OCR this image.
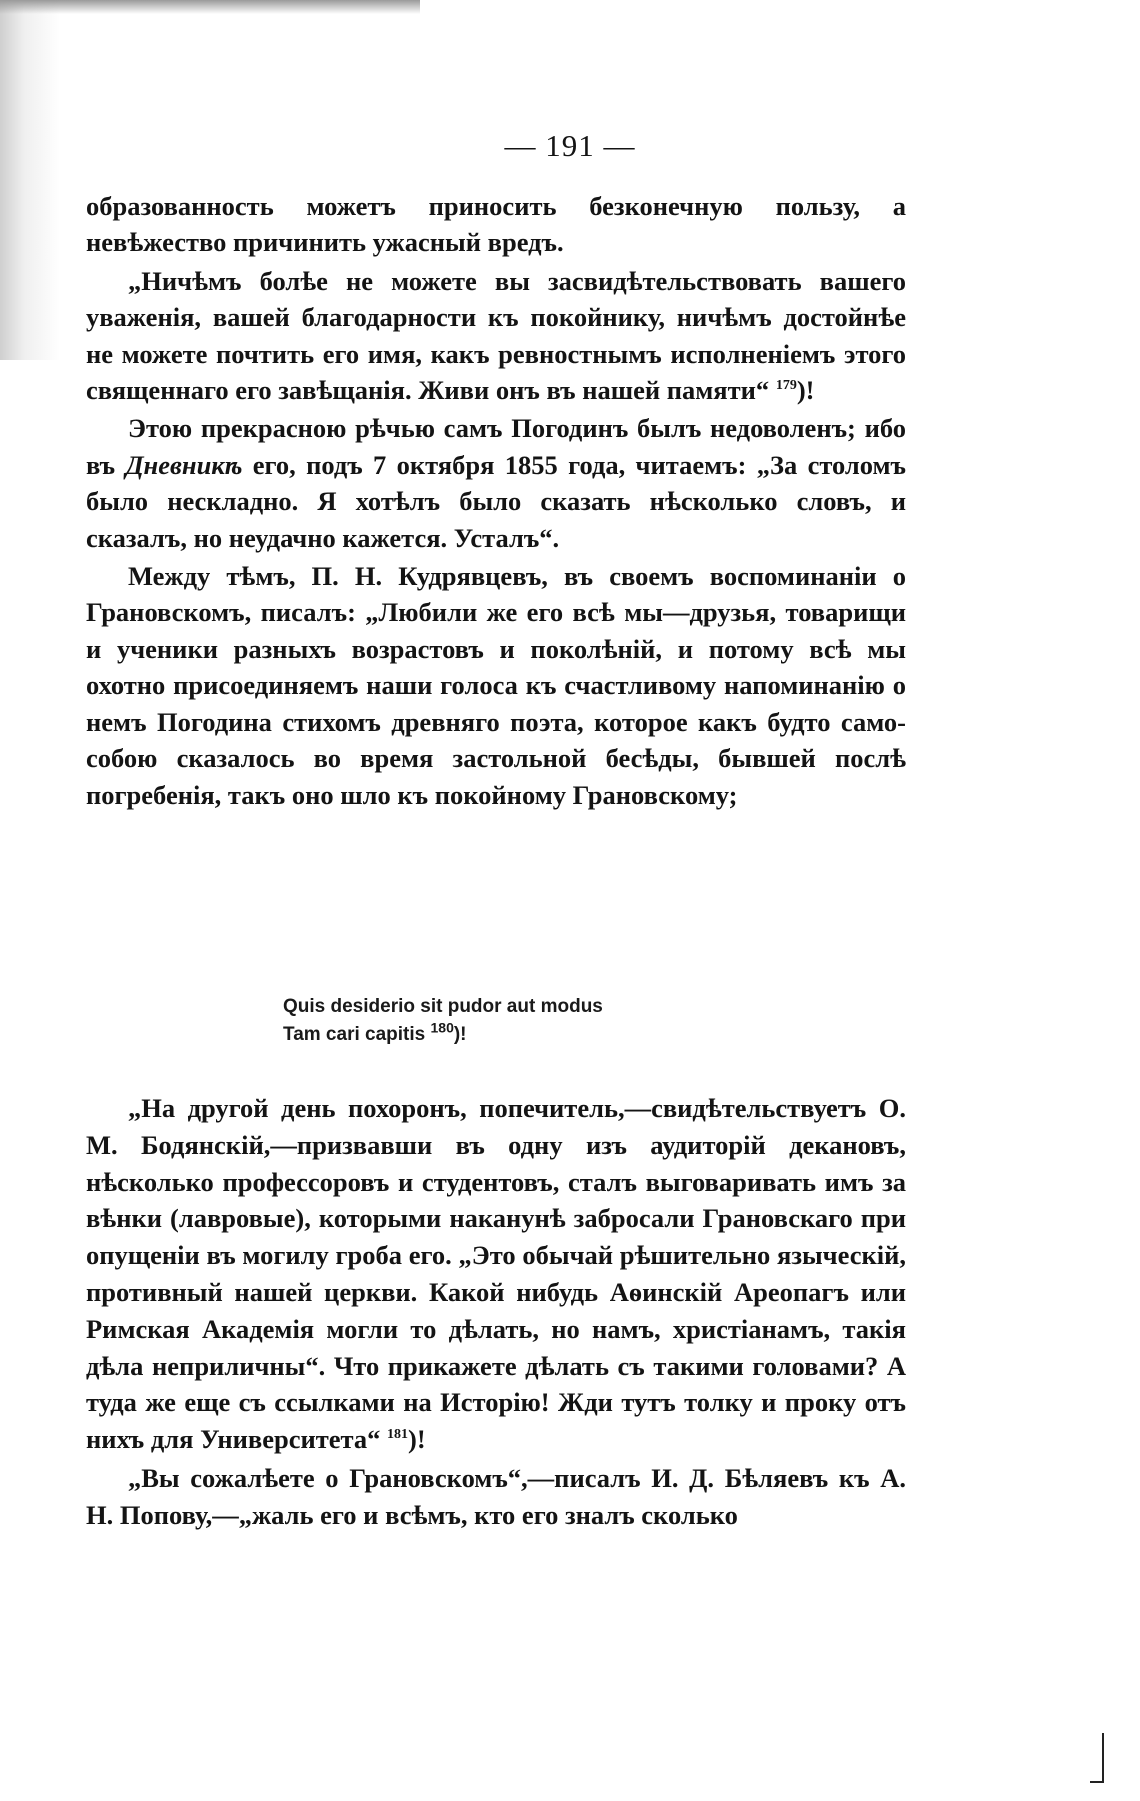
— 191 —

образованность можетъ приносить безконечную пользу, а невѣжество причинить ужасный вредъ.

„Ничѣмъ болѣе не можете вы засвидѣтельствовать вашего уваженія, вашей благодарности къ покойнику, ничѣмъ достойнѣе не можете почтить его имя, какъ ревностнымъ исполненіемъ этого священнаго его завѣщанія. Живи онъ въ нашей памяти“ $^{179}$)!

Этою прекрасною рѣчью самъ Погодинъ былъ недоволенъ; ибо въ Дневникѣ его, подъ 7 октября 1855 года, читаемъ: „За столомъ было нескладно. Я хотѣлъ было сказать нѣсколько словъ, и сказалъ, но неудачно кажется. Усталъ“.

Между тѣмъ, П. Н. Кудрявцевъ, въ своемъ воспоминаніи о Грановскомъ, писалъ: „Любили же его всѣ мы—друзья, товарищи и ученики разныхъ возрастовъ и поколѣній, и потому всѣ мы охотно присоединяемъ наши голоса къ счастливому напоминанію о немъ Погодина стихомъ древняго поэта, которое какъ будто само-собою сказалось во время застольной бесѣды, бывшей послѣ погребенія, такъ оно шло къ покойному Грановскому;

Quis desiderio sit pudor aut modus
Tam cari capitis $^{180}$)!

„На другой день похоронъ, попечитель,—свидѣтельствуетъ О. М. Бодянскій,—призвавши въ одну изъ аудиторій декановъ, нѣсколько профессоровъ и студентовъ, сталъ выговаривать имъ за вѣнки (лавровые), которыми наканунѣ забросали Грановскаго при опущеніи въ могилу гроба его. „Это обычай рѣшительно языческій, противный нашей церкви. Какой нибудь Аѳинскій Ареопагъ или Римская Академія могли то дѣлать, но намъ, христіанамъ, такія дѣла неприличны“. Что прикажете дѣлать съ такими головами? А туда же еще съ ссылками на Исторію! Жди тутъ толку и проку отъ нихъ для Университета“ $^{181}$)!

„Вы сожалѣете о Грановскомъ“,—писалъ И. Д. Бѣляевъ къ А. Н. Попову,—„жаль его и всѣмъ, кто его зналъ сколько
